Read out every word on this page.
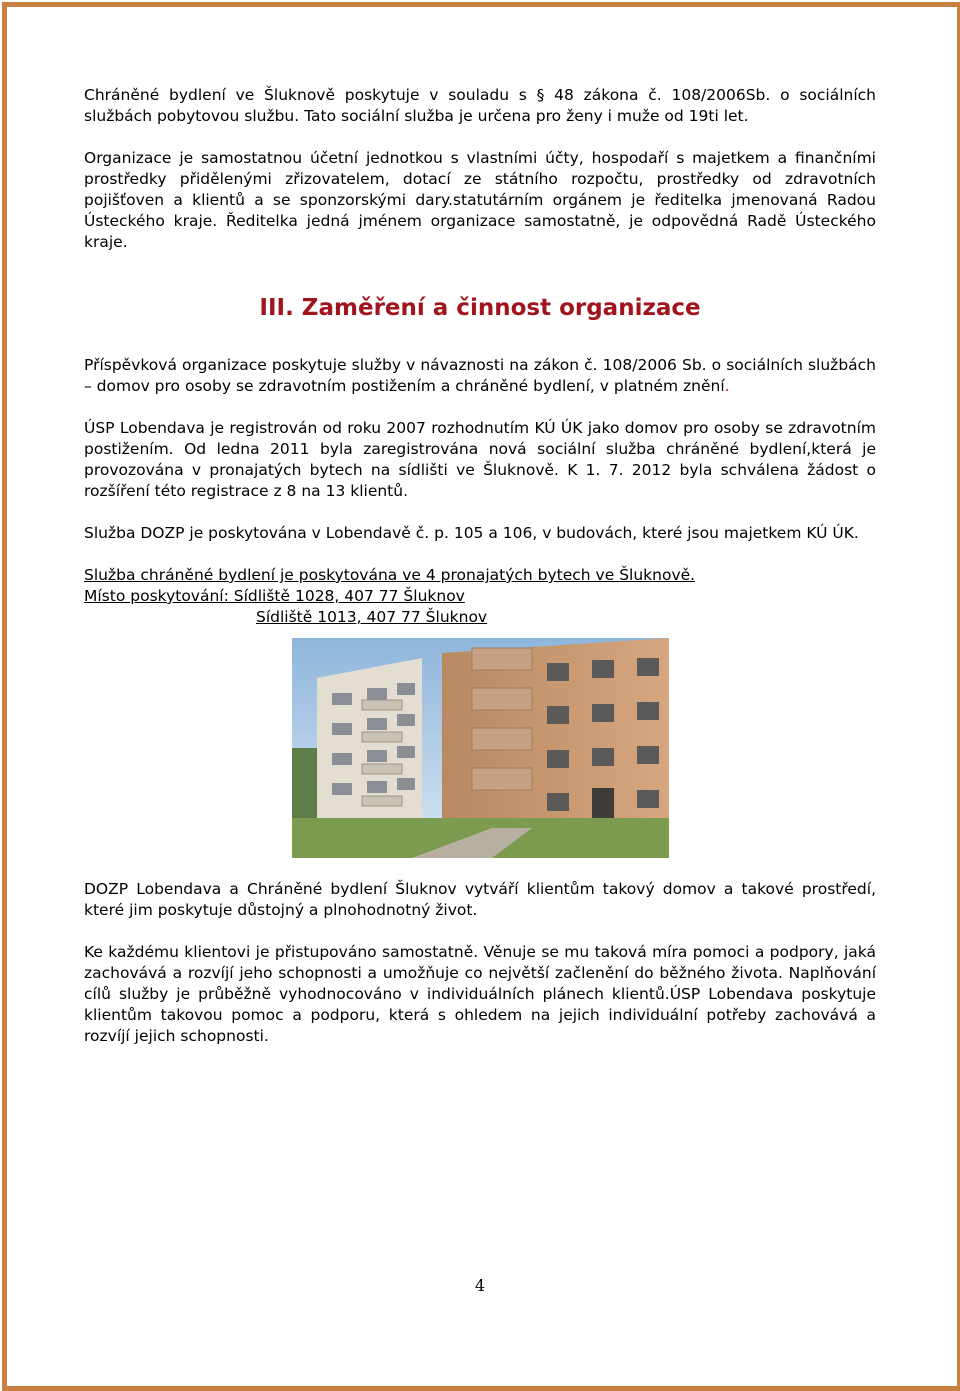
Chráněné bydlení ve Šluknově poskytuje v souladu s § 48 zákona č. 108/2006Sb. o sociálních službách pobytovou službu. Tato sociální služba je určena pro ženy i muže od 19ti let.

Organizace je samostatnou účetní jednotkou s vlastními účty, hospodaří s majetkem a finančními prostředky přidělenými zřizovatelem, dotací ze státního rozpočtu, prostředky od zdravotních pojišťoven a klientů a se sponzorskými dary.statutárním orgánem je ředitelka jmenovaná Radou Ústeckého kraje. Ředitelka jedná jménem organizace samostatně, je odpovědná Radě Ústeckého kraje.

III. Zaměření a činnost organizace

Příspěvková organizace poskytuje služby v návaznosti na zákon č. 108/2006 Sb. o sociálních službách – domov pro osoby se zdravotním postižením a chráněné bydlení, v platném znění.

ÚSP Lobendava je registrován od roku 2007 rozhodnutím KÚ ÚK jako domov pro osoby se zdravotním postižením. Od ledna 2011 byla zaregistrována nová sociální služba chráněné bydlení,která je provozována v pronajatých bytech na sídlišti ve Šluknově. K 1. 7. 2012 byla schválena žádost o rozšíření této registrace z 8 na 13 klientů.

Služba DOZP je poskytována v Lobendavě č. p. 105 a 106, v budovách, které jsou majetkem KÚ ÚK.

Služba chráněné bydlení je poskytována ve 4 pronajatých bytech ve Šluknově.

Místo poskytování: Sídliště 1028, 407 77 Šluknov

Sídliště 1013, 407 77 Šluknov

DOZP Lobendava a Chráněné bydlení Šluknov vytváří klientům takový domov a takové prostředí, které jim poskytuje důstojný a plnohodnotný život.

Ke každému klientovi je přistupováno samostatně. Věnuje se mu taková míra pomoci a podpory, jaká zachovává a rozvíjí jeho schopnosti a umožňuje co největší začlenění do běžného života. Naplňování cílů služby je průběžně vyhodnocováno v individuálních plánech klientů.ÚSP Lobendava poskytuje klientům takovou pomoc a podporu, která s ohledem na jejich individuální potřeby zachovává a rozvíjí jejich schopnosti.

4
